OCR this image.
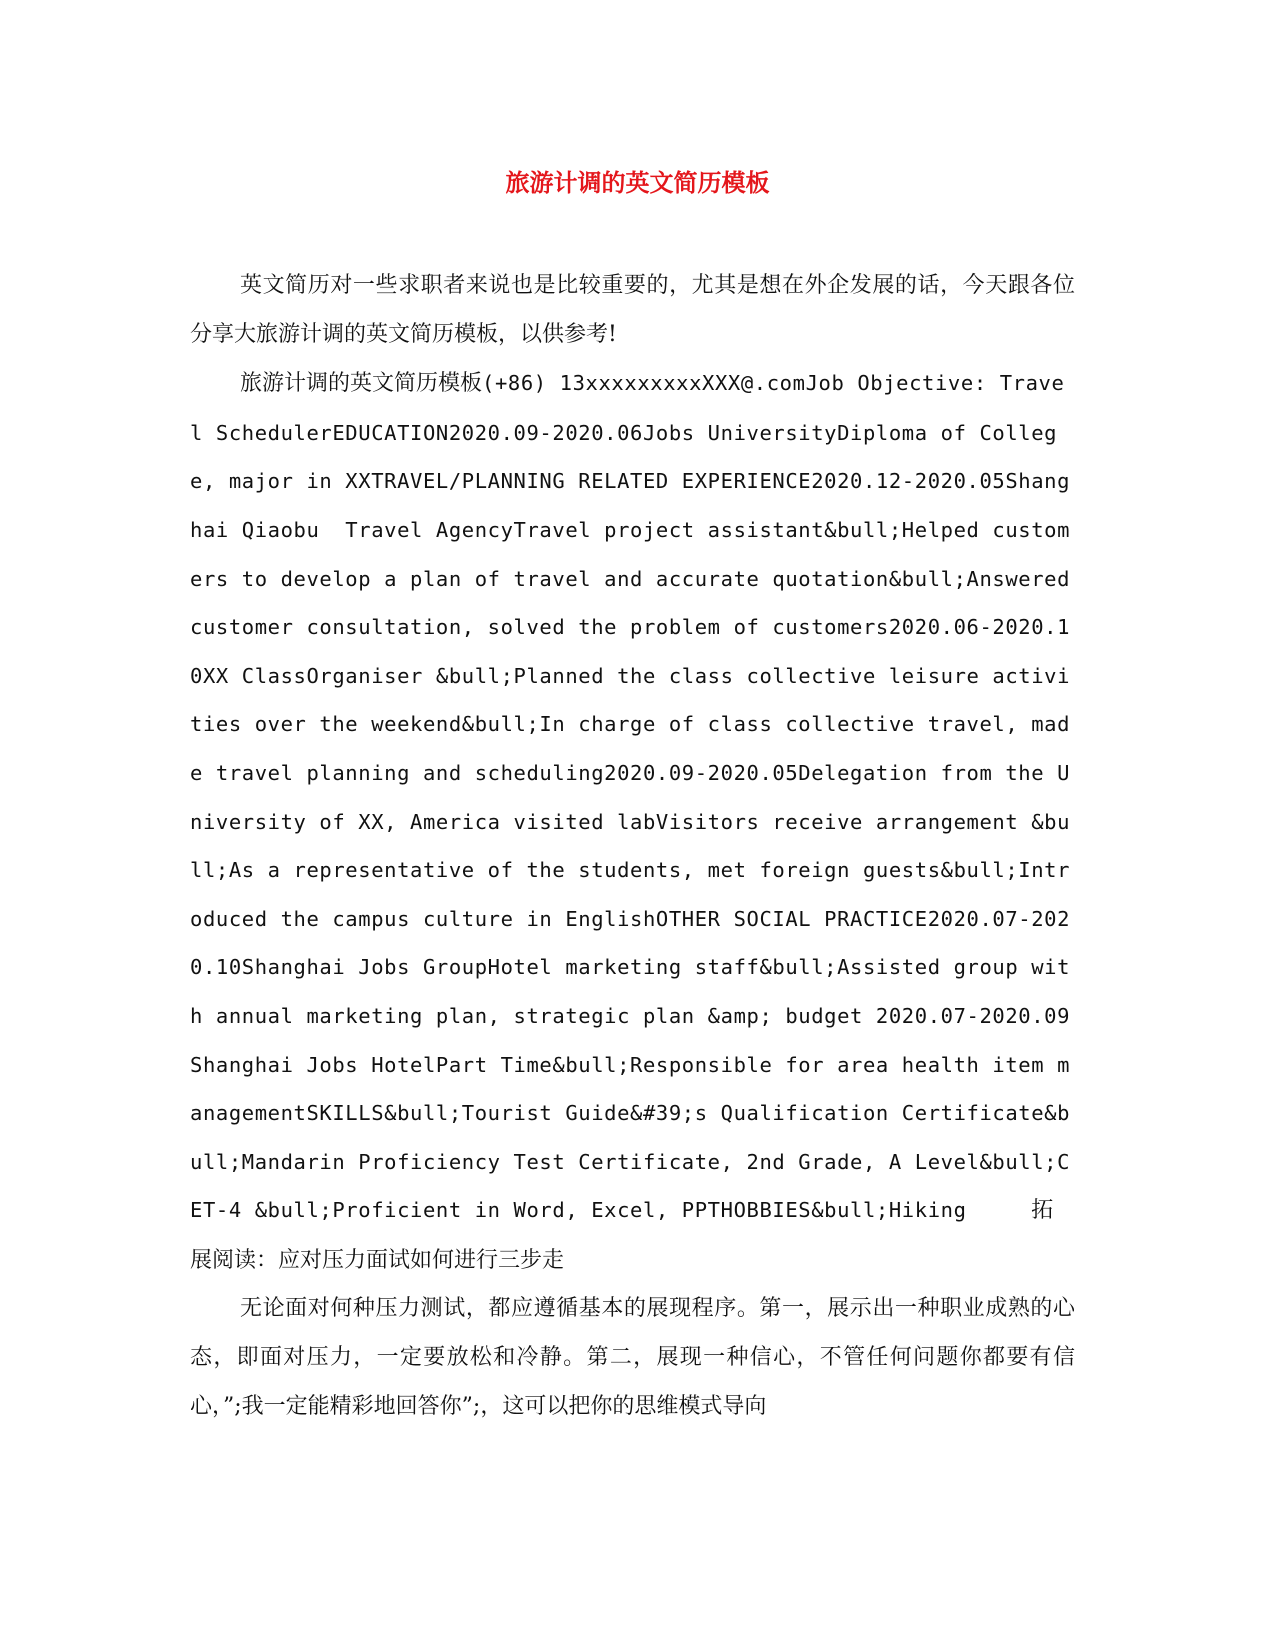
旅游计调的英文简历模板

英文简历对一些求职者来说也是比较重要的，尤其是想在外企发展的话，今天跟各位分享大旅游计调的英文简历模板，以供参考!

旅游计调的英文简历模板(+86) 13xxxxxxxxxXXX@.comJob Objective: Travel SchedulerEDUCATION2020.09-2020.06Jobs UniversityDiploma of College, major in XXTRAVEL/PLANNING RELATED EXPERIENCE2020.12-2020.05Shanghai Qiaobu  Travel AgencyTravel project assistant&bull;Helped customers to develop a plan of travel and accurate quotation&bull;Answered customer consultation, solved the problem of customers2020.06-2020.10XX ClassOrganiser &bull;Planned the class collective leisure activities over the weekend&bull;In charge of class collective travel, made travel planning and scheduling2020.09-2020.05Delegation from the University of XX, America visited labVisitors receive arrangement &bull;As a representative of the students, met foreign guests&bull;Introduced the campus culture in EnglishOTHER SOCIAL PRACTICE2020.07-2020.10Shanghai Jobs GroupHotel marketing staff&bull;Assisted group with annual marketing plan, strategic plan &amp; budget 2020.07-2020.09Shanghai Jobs HotelPart Time&bull;Responsible for area health item managementSKILLS&bull;Tourist Guide&#39;s Qualification Certificate&bull;Mandarin Proficiency Test Certificate, 2nd Grade, A Level&bull;CET-4 &bull;Proficient in Word, Excel, PPTHOBBIES&bull;Hiking     拓展阅读：应对压力面试如何进行三步走

无论面对何种压力测试，都应遵循基本的展现程序。第一，展示出一种职业成熟的心态，即面对压力，一定要放松和冷静。第二，展现一种信心，不管任何问题你都要有信心，”;我一定能精彩地回答你”;，这可以把你的思维模式导向
